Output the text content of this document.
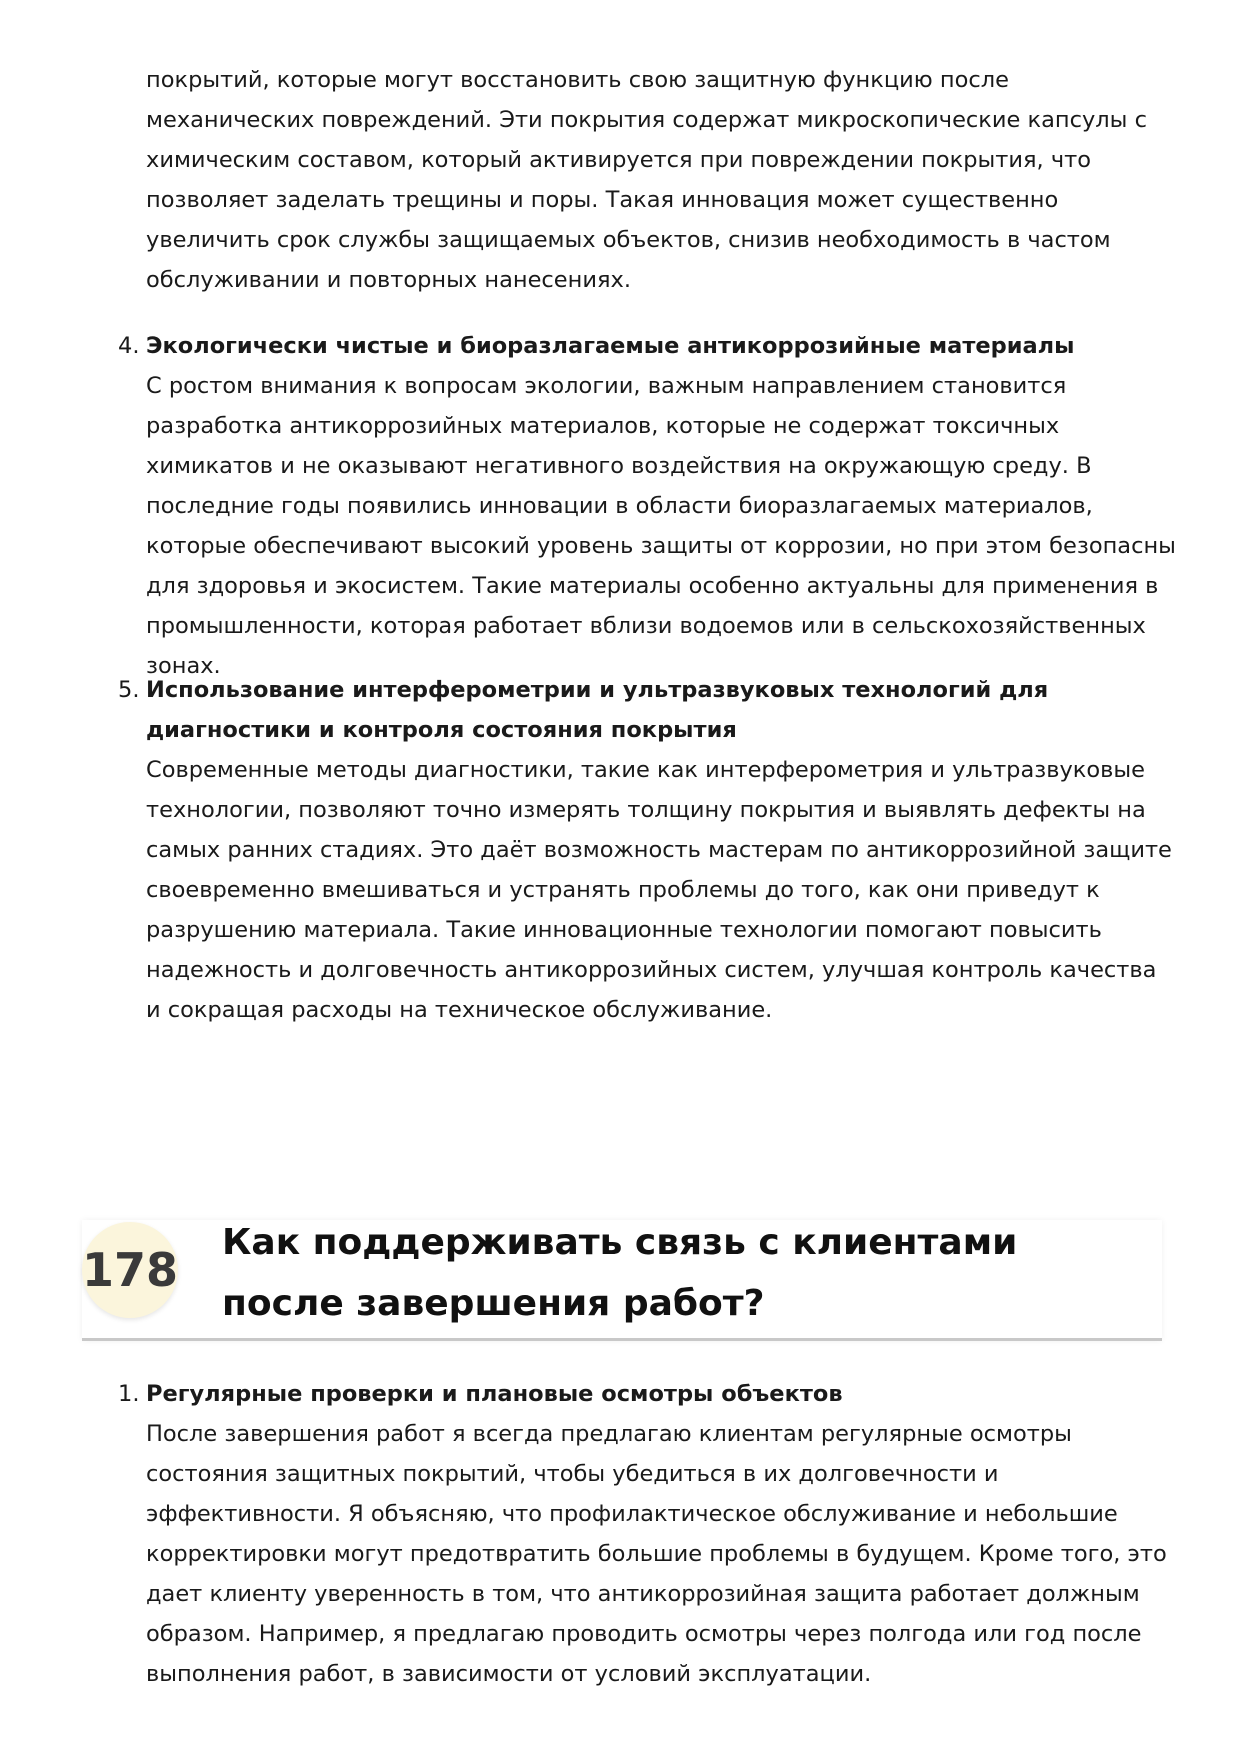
покрытий, которые могут восстановить свою защитную функцию после механических повреждений. Эти покрытия содержат микроскопические капсулы с химическим составом, который активируется при повреждении покрытия, что позволяет заделать трещины и поры. Такая инновация может существенно увеличить срок службы защищаемых объектов, снизив необходимость в частом обслуживании и повторных нанесениях.

4. Экологически чистые и биоразлагаемые антикоррозийные материалы
С ростом внимания к вопросам экологии, важным направлением становится разработка антикоррозийных материалов, которые не содержат токсичных химикатов и не оказывают негативного воздействия на окружающую среду. В последние годы появились инновации в области биоразлагаемых материалов, которые обеспечивают высокий уровень защиты от коррозии, но при этом безопасны для здоровья и экосистем. Такие материалы особенно актуальны для применения в промышленности, которая работает вблизи водоемов или в сельскохозяйственных зонах.
5. Использование интерферометрии и ультразвуковых технологий для диагностики и контроля состояния покрытия
Современные методы диагностики, такие как интерферометрия и ультразвуковые технологии, позволяют точно измерять толщину покрытия и выявлять дефекты на самых ранних стадиях. Это даёт возможность мастерам по антикоррозийной защите своевременно вмешиваться и устранять проблемы до того, как они приведут к разрушению материала. Такие инновационные технологии помогают повысить надежность и долговечность антикоррозийных систем, улучшая контроль качества и сокращая расходы на техническое обслуживание.
178
Как поддерживать связь с клиентами после завершения работ?
1. Регулярные проверки и плановые осмотры объектов
После завершения работ я всегда предлагаю клиентам регулярные осмотры состояния защитных покрытий, чтобы убедиться в их долговечности и эффективности. Я объясняю, что профилактическое обслуживание и небольшие корректировки могут предотвратить большие проблемы в будущем. Кроме того, это дает клиенту уверенность в том, что антикоррозийная защита работает должным образом. Например, я предлагаю проводить осмотры через полгода или год после выполнения работ, в зависимости от условий эксплуатации.
